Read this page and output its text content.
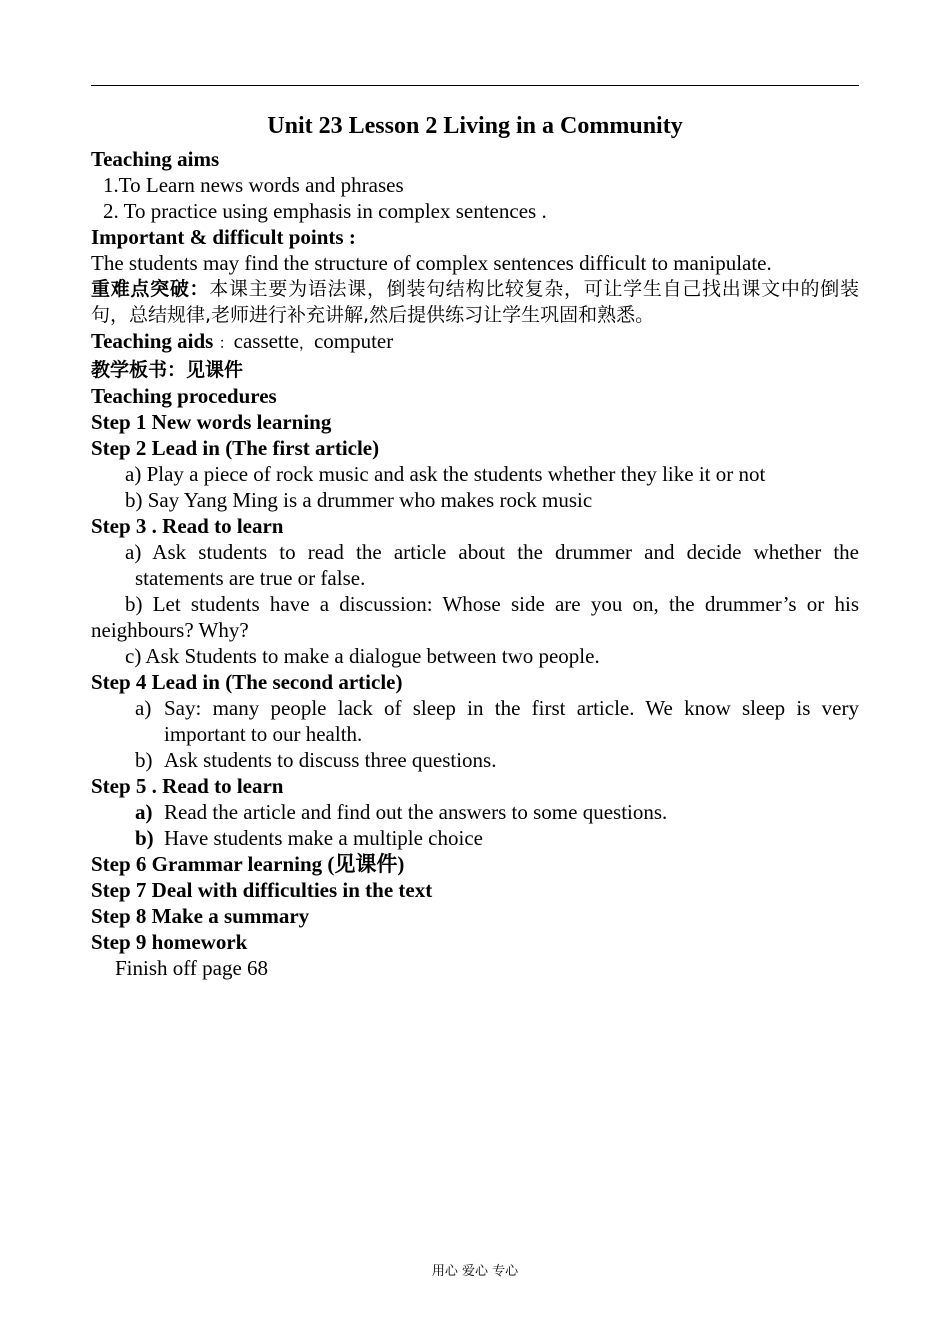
Unit 23 Lesson 2 Living in a Community
Teaching aims
1.To Learn news words and phrases
2. To practice using emphasis in complex sentences .
Important & difficult points :
The students may find the structure of complex sentences difficult to manipulate.
重难点突破：本课主要为语法课，倒装句结构比较复杂，可让学生自己找出课文中的倒装句，总结规律,老师进行补充讲解,然后提供练习让学生巩固和熟悉。
Teaching aids ：cassette，computer
教学板书：见课件
Teaching procedures
Step 1 New words learning
Step 2 Lead in (The first article)
a) Play a piece of rock music and ask the students whether they like it or not
b) Say Yang Ming is a drummer who makes rock music
Step 3 . Read to learn
a) Ask students to read the article about the drummer and decide whether the statements are true or false.
b) Let students have a discussion: Whose side are you on, the drummer’s or his neighbours? Why?
c) Ask Students to make a dialogue between two people.
Step 4 Lead in (The second article)
a) Say: many people lack of sleep in the first article. We know sleep is very important to our health.
b) Ask students to discuss three questions.
Step 5 . Read to learn
a) Read the article and find out the answers to some questions.
b) Have students make a multiple choice
Step 6 Grammar learning (见课件)
Step 7 Deal with difficulties in the text
Step 8 Make a summary
Step 9 homework
Finish off page 68
用心 爱心 专心
